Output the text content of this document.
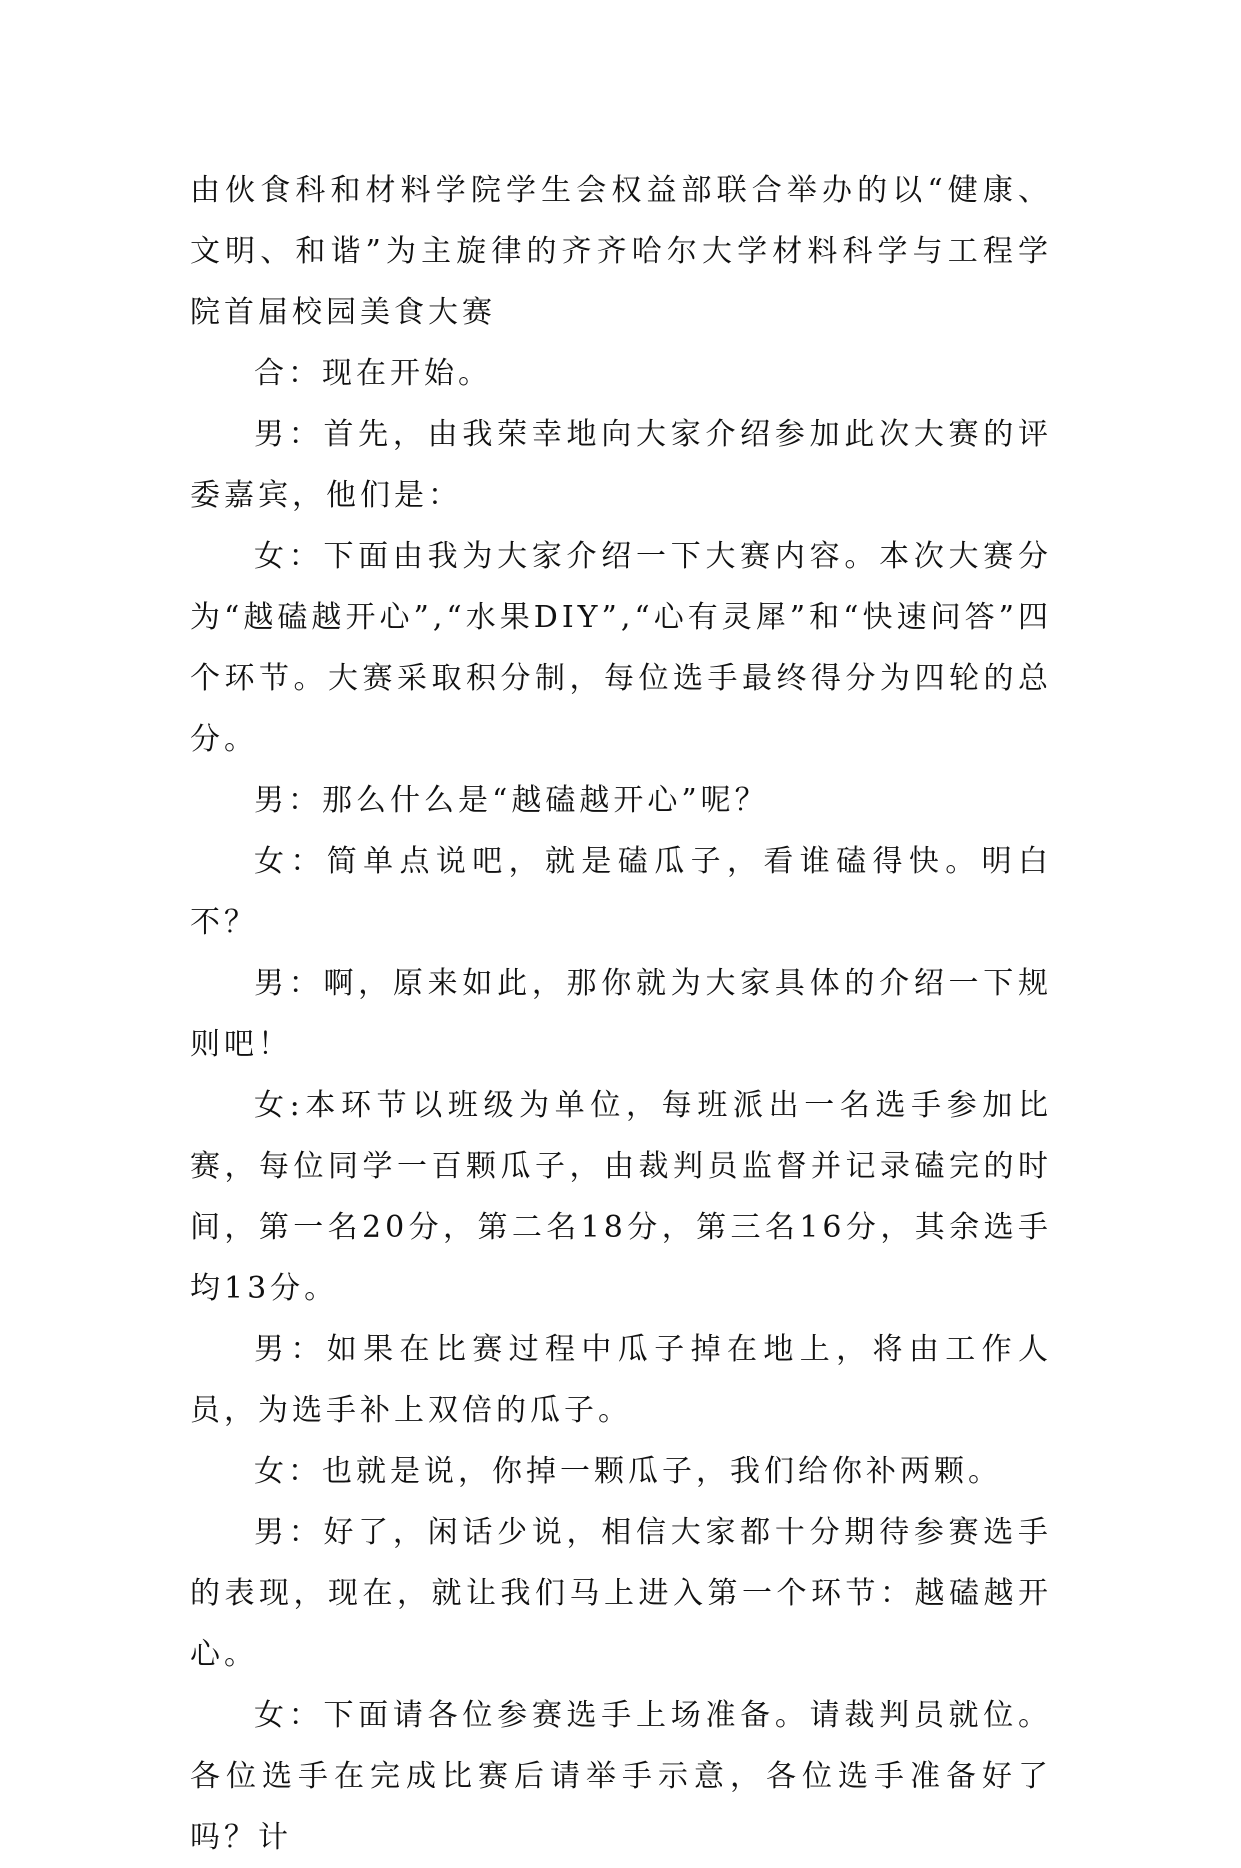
由伙食科和材料学院学生会权益部联合举办的以“健康、文明、和谐”为主旋律的齐齐哈尔大学材料科学与工程学院首届校园美食大赛

合：现在开始。

男：首先，由我荣幸地向大家介绍参加此次大赛的评委嘉宾，他们是：

女：下面由我为大家介绍一下大赛内容。本次大赛分为“越磕越开心”,“水果DIY”,“心有灵犀”和“快速问答”四个环节。大赛采取积分制，每位选手最终得分为四轮的总分。

男：那么什么是“越磕越开心”呢？

女：简单点说吧，就是磕瓜子，看谁磕得快。明白不？

男：啊，原来如此，那你就为大家具体的介绍一下规则吧！

女:本环节以班级为单位，每班派出一名选手参加比赛，每位同学一百颗瓜子，由裁判员监督并记录磕完的时间，第一名20分，第二名18分，第三名16分，其余选手均13分。

男：如果在比赛过程中瓜子掉在地上，将由工作人员，为选手补上双倍的瓜子。

女：也就是说，你掉一颗瓜子，我们给你补两颗。

男：好了，闲话少说，相信大家都十分期待参赛选手的表现，现在，就让我们马上进入第一个环节：越磕越开心。

女：下面请各位参赛选手上场准备。请裁判员就位。各位选手在完成比赛后请举手示意，各位选手准备好了吗？计
